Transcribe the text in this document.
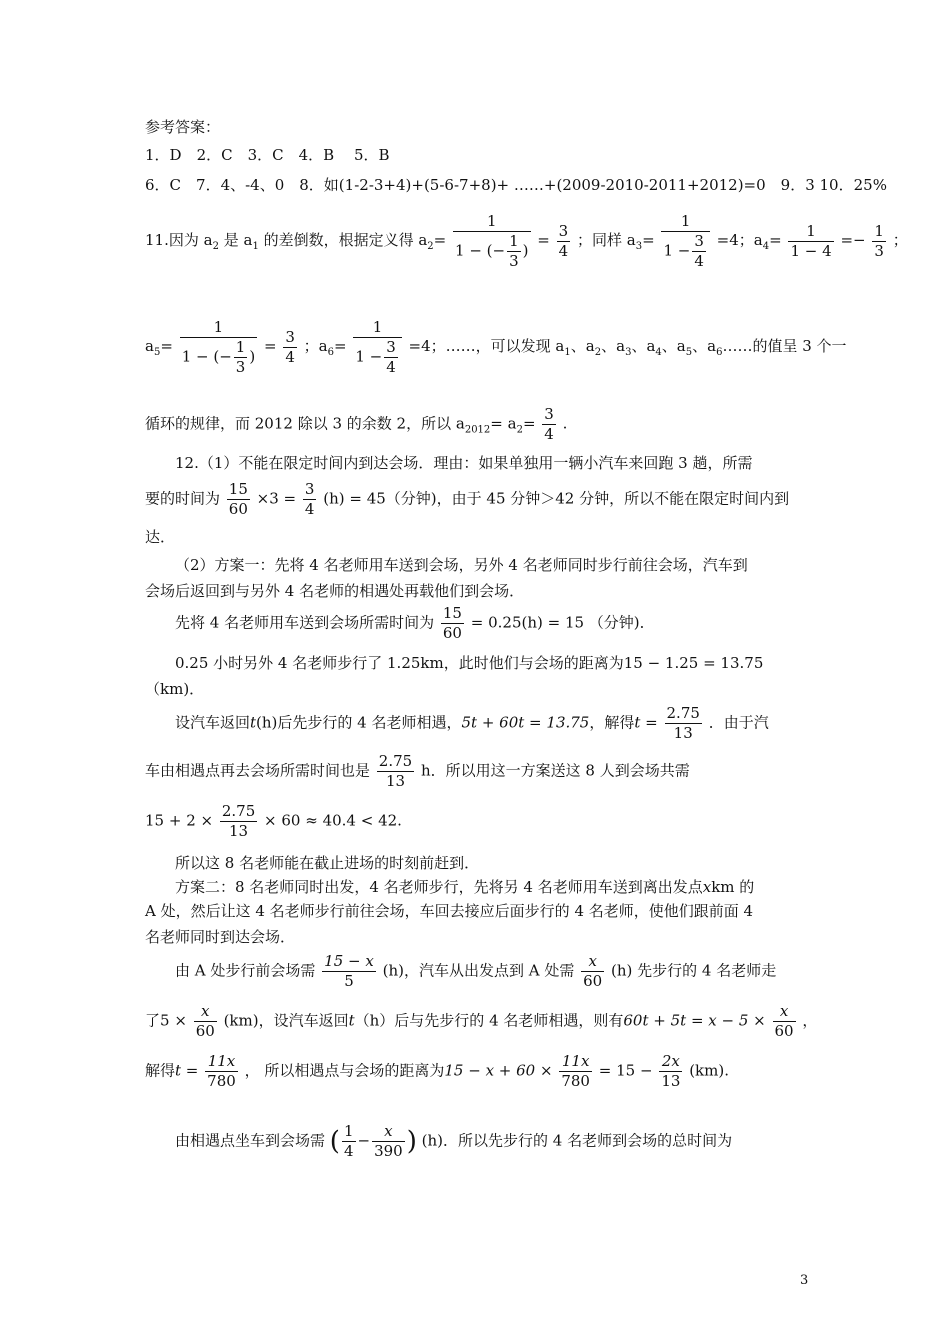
参考答案：
1．D　2．C　3．C　4．B　 5．B
6．C　7．4、-4、0　8．如(1-2-3+4)+(5-6-7+8)+ ……+(2009-2010-2011+2012)=0　9．3 10．25%
11.因为 $a_2$ 是 $a_1$ 的差倒数，根据定义得 $a_2= \frac{1}{1 - (- \frac{1}{3} )} = \frac{3}{4}$ ；同样 $a_3= \frac{1}{1 - \frac{3}{4}} =4$；$a_4= \frac{1}{1 - 4} =- \frac{1}{3}$ ；
$a_5= \frac{1}{1 - (- \frac{1}{3} )} = \frac{3}{4}$ ；$a_6= \frac{1}{1 - \frac{3}{4}} =4$；……，可以发现 $a_1$、$a_2$、$a_3$、$a_4$、$a_5$、$a_6\dots\dots$的值呈 3 个一
循环的规律，而 2012 除以 3 的余数 2，所以 $a_{2012}= a_2= \frac{3}{4}$ .
12.（1）不能在限定时间内到达会场．理由：如果单独用一辆小汽车来回跑 3 趟，所需
要的时间为 $\frac{15}{60} \times 3 = \frac{3}{4} (h) = 45$（分钟)，由于 45 分钟＞42 分钟，所以不能在限定时间内到
达．
（2）方案一：先将 4 名老师用车送到会场，另外 4 名老师同时步行前往会场，汽车到
会场后返回到与另外 4 名老师的相遇处再载他们到会场．
先将 4 名老师用车送到会场所需时间为 $\frac{15}{60} = 0.25(h) = 15$ （分钟)．
0.25 小时另外 4 名老师步行了 1.25km，此时他们与会场的距离为15 − 1.25 = 13.75
（km)．
设汽车返回t(h)后先步行的 4 名老师相遇，5t + 60t = 13.75，解得$t = \frac{2.75}{13}$ ．由于汽
车由相遇点再去会场所需时间也是 $\frac{2.75}{13}$ h．所以用这一方案送这 8 人到会场共需
$15 + 2 \times \frac{2.75}{13} \times 60 \approx 40.4 < 42$.
所以这 8 名老师能在截止进场的时刻前赶到．
方案二：8 名老师同时出发，4 名老师步行，先将另 4 名老师用车送到离出发点xkm 的
A 处，然后让这 4 名老师步行前往会场，车回去接应后面步行的 4 名老师，使他们跟前面 4
名老师同时到达会场．
由 A 处步行前会场需 $\frac{15 - x}{5} (h)$，汽车从出发点到 A 处需 $\frac{x}{60} (h)$ 先步行的 4 名老师走
了$5 \times \frac{x}{60} (km)$，设汽车返回t（h）后与先步行的 4 名老师相遇，则有$60t + 5t = x - 5 \times \frac{x}{60}$ ，
解得$t = \frac{11x}{780}$ ， 所以相遇点与会场的距离为$15 - x + 60 \times \frac{11x}{780} = 15 - \frac{2x}{13} (km)$.
由相遇点坐车到会场需 ( $\frac{1}{4} - \frac{x}{390}$ ) (h)．所以先步行的 4 名老师到会场的总时间为
3
